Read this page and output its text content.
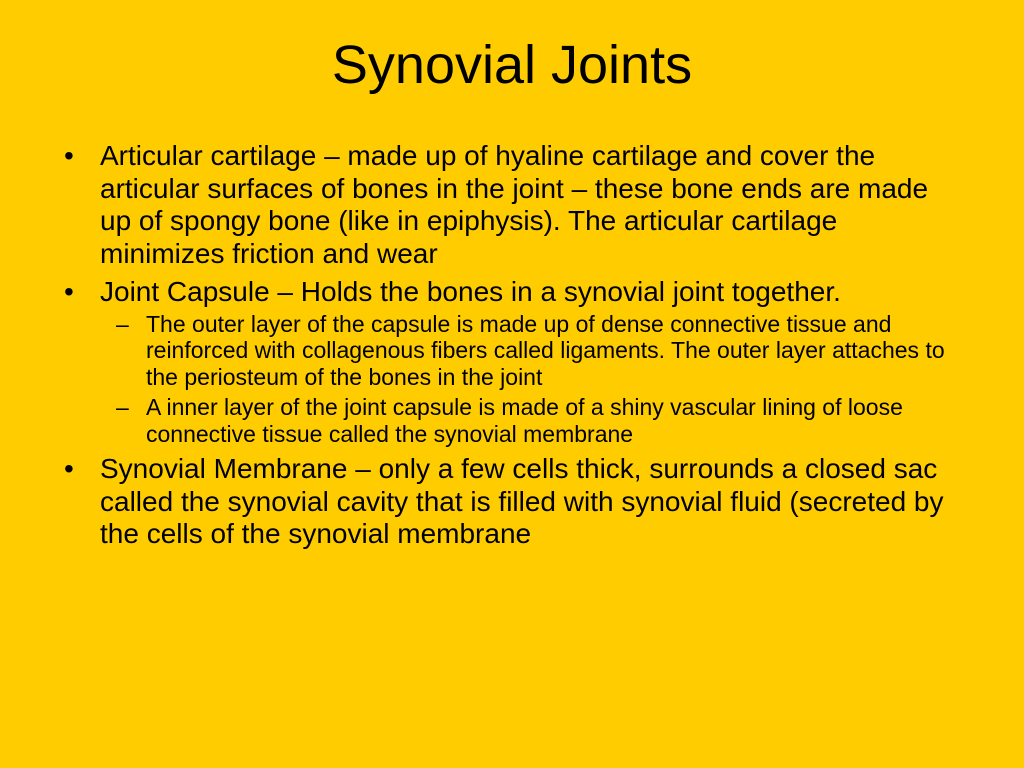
Synovial Joints
• Articular cartilage – made up of hyaline cartilage and cover the articular surfaces of bones in the joint – these bone ends are made up of spongy bone (like in epiphysis). The articular cartilage minimizes friction and wear
• Joint Capsule – Holds the bones in a synovial joint together.
– The outer layer of the capsule is made up of dense connective tissue and reinforced with collagenous fibers called ligaments. The outer layer attaches to the periosteum of the bones in the joint
– A inner layer of the joint capsule is made of a shiny vascular lining of loose connective tissue called the synovial membrane
• Synovial Membrane – only a few cells thick, surrounds a closed sac called the synovial cavity that is filled with synovial fluid (secreted by the cells of the synovial membrane
